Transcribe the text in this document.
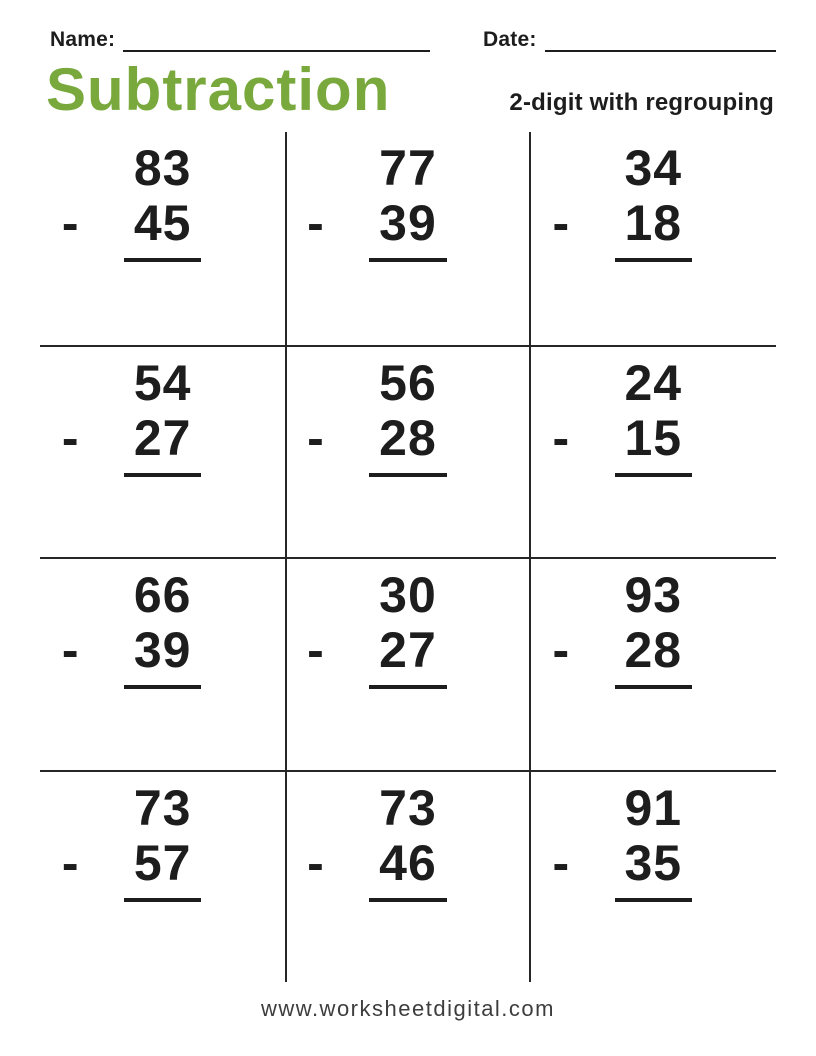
Name:	Date:
Subtraction	2-digit with regrouping
83
- 45
77
- 39
34
- 18
54
- 27
56
- 28
24
- 15
66
- 39
30
- 27
93
- 28
73
- 57
73
- 46
91
- 35
www.worksheetdigital.com
